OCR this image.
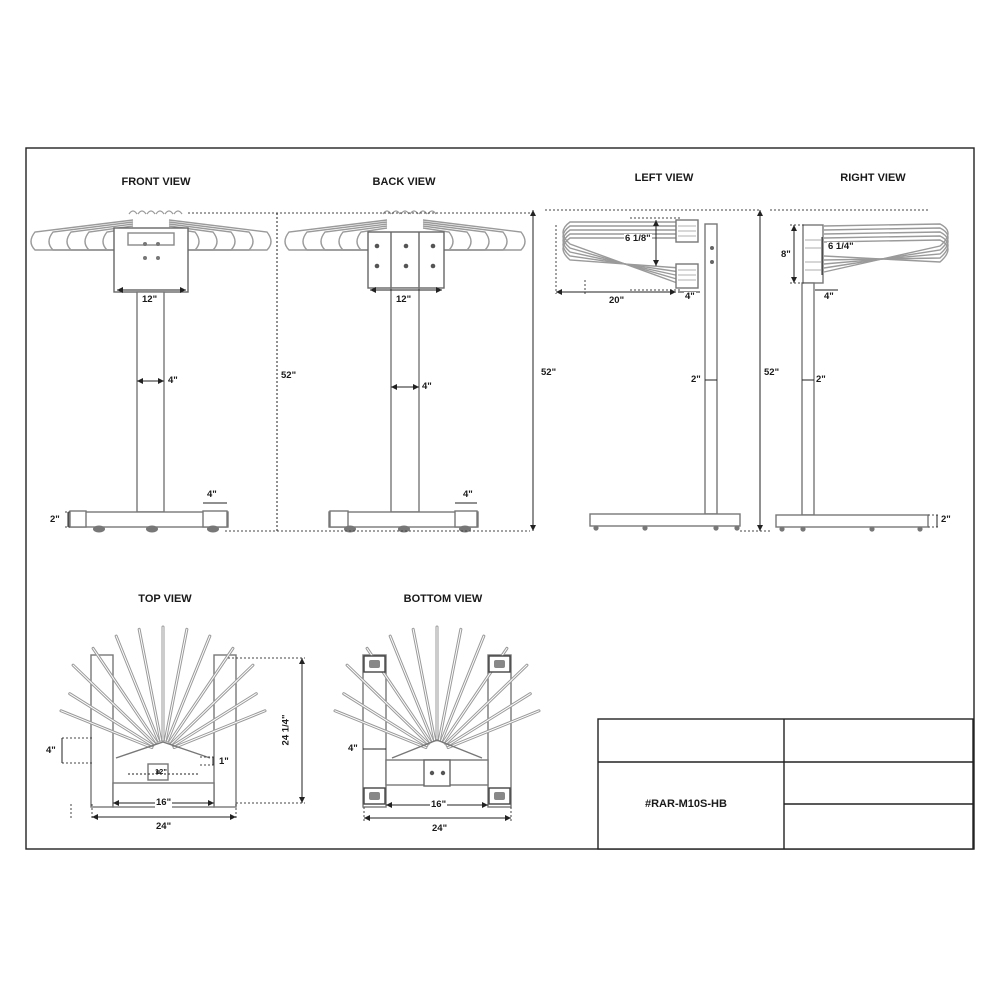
FRONT VIEW	BACK VIEW	LEFT VIEW	RIGHT VIEW
TOP VIEW	BOTTOM VIEW
12"
4"
4"
2"
52"
12"
4"
4"
52"
6 1/8"
20"	4"
2"
52"
8"
6 1/4"
4"
2"
2"
24 1/4"
4"
1"
12"
16"
24"
4"
16"
24"
#RAR-M10S-HB
